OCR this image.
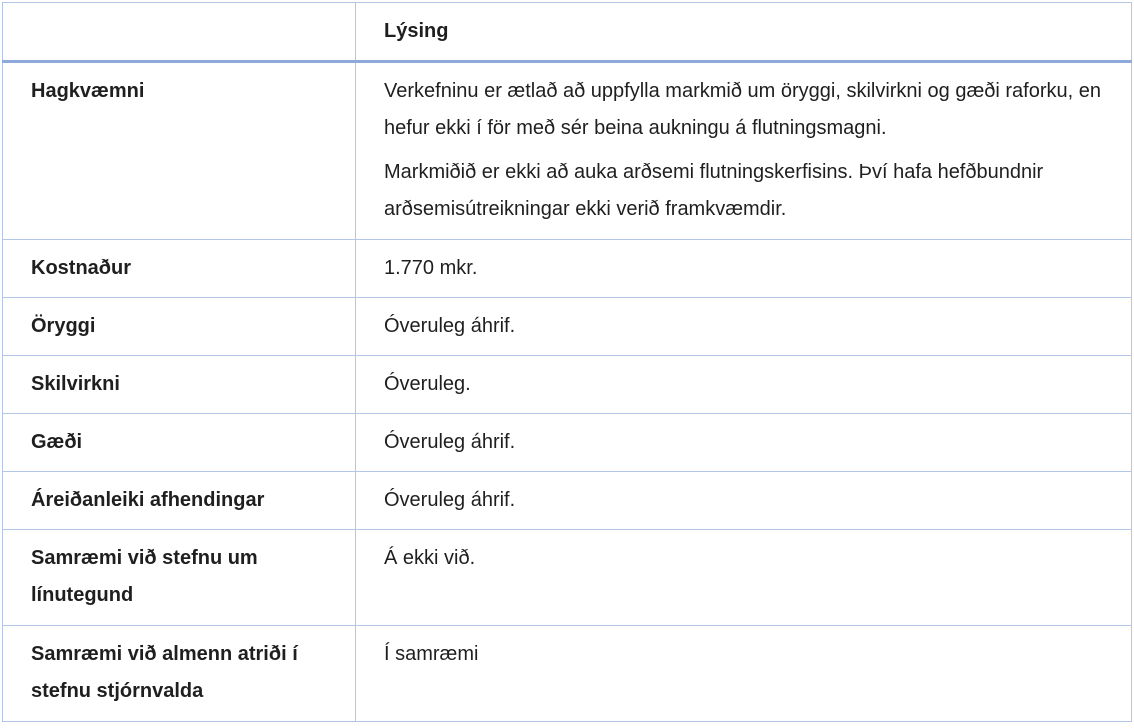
	Lýsing
Hagkvæmni	Verkefninu er ætlað að uppfylla markmið um öryggi, skilvirkni og gæði raforku, en hefur ekki í för með sér beina aukningu á flutningsmagni.
Markmiðið er ekki að auka arðsemi flutningskerfisins. Því hafa hefðbundnir arðsemisútreikningar ekki verið framkvæmdir.

Kostnaður	1.770 mkr.
Öryggi	Óveruleg áhrif.
Skilvirkni	Óveruleg.
Gæði	Óveruleg áhrif.
Áreiðanleiki afhendingar	Óveruleg áhrif.
Samræmi við stefnu um línutegund	Á ekki við.
Samræmi við almenn atriði í stefnu stjórnvalda	Í samræmi
